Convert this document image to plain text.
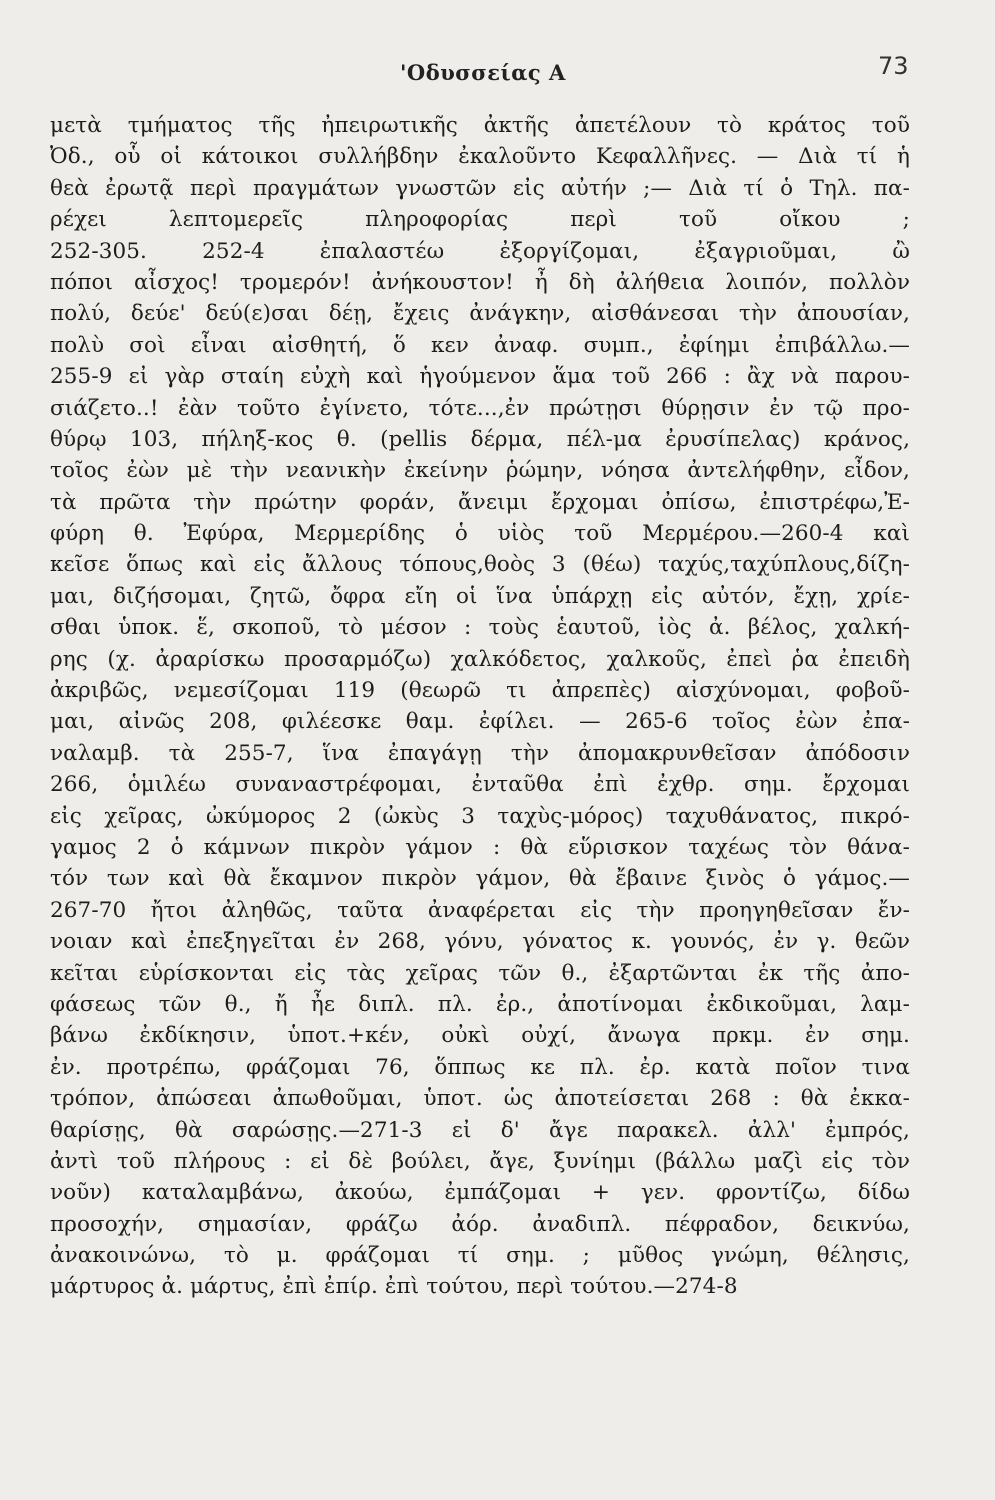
'Οδυσσείας Α	73
μετὰ τμήματος τῆς ἠπειρωτικῆς ἀκτῆς ἀπετέλουν τὸ κράτος τοῦ
Ὀδ., οὗ οἱ κάτοικοι συλλήβδην ἐκαλοῦντο Κεφαλλῆνες. — Διὰ τί ἡ
θεὰ ἐρωτᾷ περὶ πραγμάτων γνωστῶν εἰς αὐτήν ;— Διὰ τί ὁ Τηλ. πα-
ρέχει λεπτομερεῖς πληροφορίας περὶ τοῦ οἴκου ;
252-305. 252-4 ἐπαλαστέω ἐξοργίζομαι, ἐξαγριοῦμαι, ὢ
πόποι αἶσχος! τρομερόν! ἀνήκουστον! ἦ δὴ ἀλήθεια λοιπόν, πολλὸν
πολύ, δεύε' δεύ(ε)σαι δέῃ, ἔχεις ἀνάγκην, αἰσθάνεσαι τὴν ἀπουσίαν,
πολὺ σοὶ εἶναι αἰσθητή, ὅ κεν ἀναφ. συμπ., ἐφίημι ἐπιβάλλω.—
255-9 εἰ γὰρ σταίη εὐχὴ καὶ ἡγούμενον ἅμα τοῦ 266 : ἂχ νὰ παρου-
σιάζετο..! ἐὰν τοῦτο ἐγίνετο, τότε...,ἐν πρώτῃσι θύρῃσιν ἐν τῷ προ-
θύρῳ 103, πήληξ-κος θ. (pellis δέρμα, πέλ-μα ἐρυσίπελας) κράνος,
τοῖος ἐὼν μὲ τὴν νεανικὴν ἐκείνην ῥώμην, νόησα ἀντελήφθην, εἶδον,
τὰ πρῶτα τὴν πρώτην φοράν, ἄνειμι ἔρχομαι ὀπίσω, ἐπιστρέφω,Ἐ-
φύρη θ. Ἐφύρα, Μερμερίδης ὁ υἱὸς τοῦ Μερμέρου.—260-4 καὶ
κεῖσε ὅπως καὶ εἰς ἄλλους τόπους,θοὸς 3 (θέω) ταχύς,ταχύπλους,δίζη-
μαι, διζήσομαι, ζητῶ, ὄφρα εἴη οἱ ἵνα ὑπάρχῃ εἰς αὐτόν, ἔχῃ, χρίε-
σθαι ὑποκ. ἕ, σκοποῦ, τὸ μέσον : τοὺς ἑαυτοῦ, ἰὸς ἀ. βέλος, χαλκή-
ρης (χ. ἀραρίσκω προσαρμόζω) χαλκόδετος, χαλκοῦς, ἐπεὶ ῥα ἐπειδὴ
ἀκριβῶς, νεμεσίζομαι 119 (θεωρῶ τι ἀπρεπὲς) αἰσχύνομαι, φοβοῦ-
μαι, αἰνῶς 208, φιλέεσκε θαμ. ἐφίλει. — 265-6 τοῖος ἐὼν ἐπα-
ναλαμβ. τὰ 255-7, ἵνα ἐπαγάγῃ τὴν ἀπομακρυνθεῖσαν ἀπόδοσιν
266, ὁμιλέω συναναστρέφομαι, ἐνταῦθα ἐπὶ ἐχθρ. σημ. ἔρχομαι
εἰς χεῖρας, ὠκύμορος 2 (ὠκὺς 3 ταχὺς-μόρος) ταχυθάνατος, πικρό-
γαμος 2 ὁ κάμνων πικρὸν γάμον : θὰ εὕρισκον ταχέως τὸν θάνα-
τόν των καὶ θὰ ἔκαμνον πικρὸν γάμον, θὰ ἔβαινε ξινὸς ὁ γάμος.—
267-70 ἤτοι ἀληθῶς, ταῦτα ἀναφέρεται εἰς τὴν προηγηθεῖσαν ἔν-
νοιαν καὶ ἐπεξηγεῖται ἐν 268, γόνυ, γόνατος κ. γουνός, ἐν γ. θεῶν
κεῖται εὑρίσκονται εἰς τὰς χεῖρας τῶν θ., ἐξαρτῶνται ἐκ τῆς ἀπο-
φάσεως τῶν θ., ἤ ἦε διπλ. πλ. ἐρ., ἀποτίνομαι ἐκδικοῦμαι, λαμ-
βάνω ἐκδίκησιν, ὑποτ.+κέν, οὐκὶ οὐχί, ἄνωγα πρκμ. ἐν σημ.
ἐν. προτρέπω, φράζομαι 76, ὅππως κε πλ. ἐρ. κατὰ ποῖον τινα
τρόπον, ἀπώσεαι ἀπωθοῦμαι, ὑποτ. ὡς ἀποτείσεται 268 : θὰ ἐκκα-
θαρίσῃς, θὰ σαρώσῃς.—271-3 εἰ δ' ἄγε παρακελ. ἀλλ' ἐμπρός,
ἀντὶ τοῦ πλήρους : εἰ δὲ βούλει, ἄγε, ξυνίημι (βάλλω μαζὶ εἰς τὸν
νοῦν) καταλαμβάνω, ἀκούω, ἐμπάζομαι + γεν. φροντίζω, δίδω
προσοχήν, σημασίαν, φράζω ἀόρ. ἀναδιπλ. πέφραδον, δεικνύω,
ἀνακοινώνω, τὸ μ. φράζομαι τί σημ. ; μῦθος γνώμη, θέλησις,
μάρτυρος ἀ. μάρτυς, ἐπὶ ἐπίρ. ἐπὶ τούτου, περὶ τούτου.—274-8
